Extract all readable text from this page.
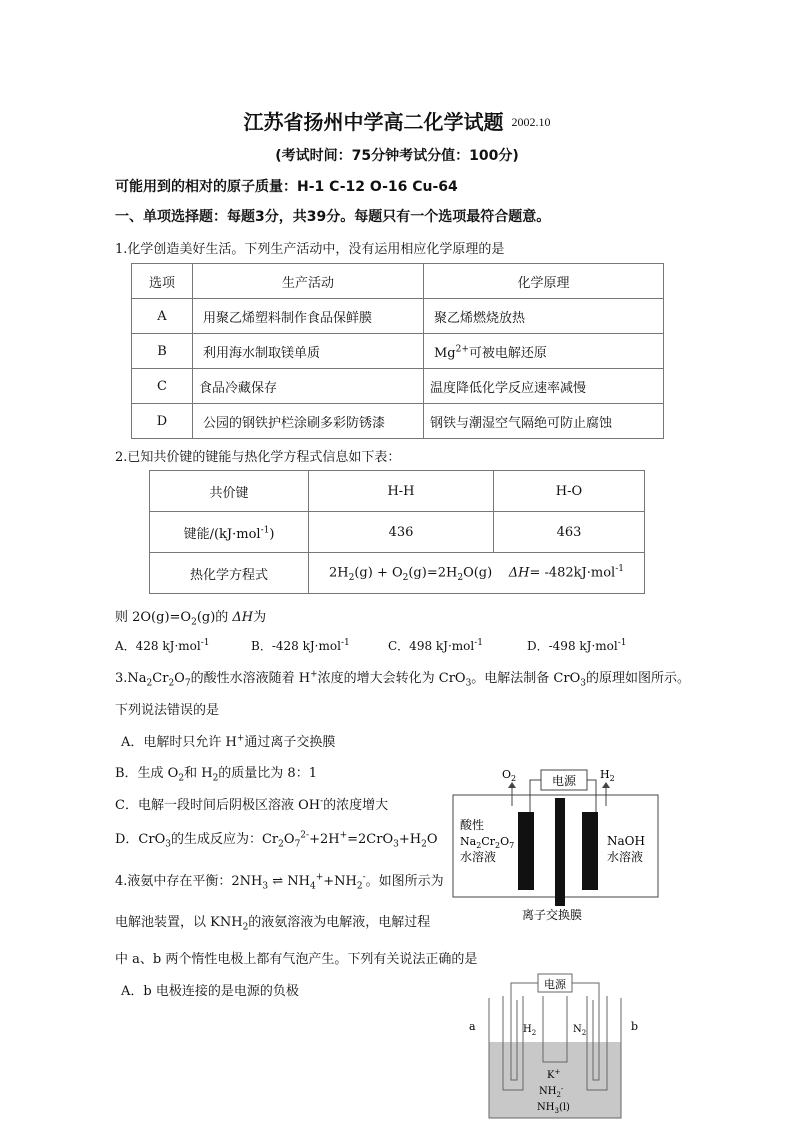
江苏省扬州中学高二化学试题 2002.10
(考试时间：75分钟考试分值：100分)
可能用到的相对的原子质量：H-1 C-12 O-16 Cu-64
一、单项选择题：每题3分，共39分。每题只有一个选项最符合题意。
1.化学创造美好生活。下列生产活动中，没有运用相应化学原理的是
选项	生产活动	化学原理
A	用聚乙烯塑料制作食品保鲜膜	聚乙烯燃烧放热
B	利用海水制取镁单质	$Mg^{2+}$可被电解还原
C	食品冷藏保存	温度降低化学反应速率减慢
D	公园的钢铁护栏涂刷多彩防锈漆	钢铁与潮湿空气隔绝可防止腐蚀
2.已知共价键的键能与热化学方程式信息如下表：
共价键	H-H	H-O
键能/(kJ·mol$^{-1}$)	436	463
热化学方程式	$2H_2(g) + O_2(g)=2H_2O(g)$ ΔH= -482kJ·mol$^{-1}$
则 $2O(g)=O_2(g)$的 ΔH为
A．428 kJ·mol$^{-1}$	B．-428 kJ·mol$^{-1}$	C．498 kJ·mol$^{-1}$	D．-498 kJ·mol$^{-1}$
$3.Na_2Cr_2O_7$的酸性水溶液随着 H+浓度的增大会转化为 CrO$_3$。电解法制备 CrO$_3$的原理如图所示。
下列说法错误的是
A．电解时只允许 H+通过离子交换膜
B．生成 $O_2$和 $H_2$的质量比为 8：1
C．电解一段时间后阴极区溶液 OH-的浓度增大
D．CrO$_3$的生成反应为：$Cr_2O_7^{2-}+2H^+=2CrO_3+H_2O$
电源
$O_2$	$H_2$
酸性
$Na_2Cr_2O_7$
水溶液
NaOH
水溶液
离子交换膜
4.液氨中存在平衡：$2NH_3$ ⇌ $NH_4^++NH_2^-$。如图所示为
电解池装置，以 $KNH_2$的液氨溶液为电解液，电解过程
中 a、b 两个惰性电极上都有气泡产生。下列有关说法正确的是
A．b 电极连接的是电源的负极	电源
a	b
$H_2$	$N_2$
K+
$NH_2^-$
$NH_3(l)$
